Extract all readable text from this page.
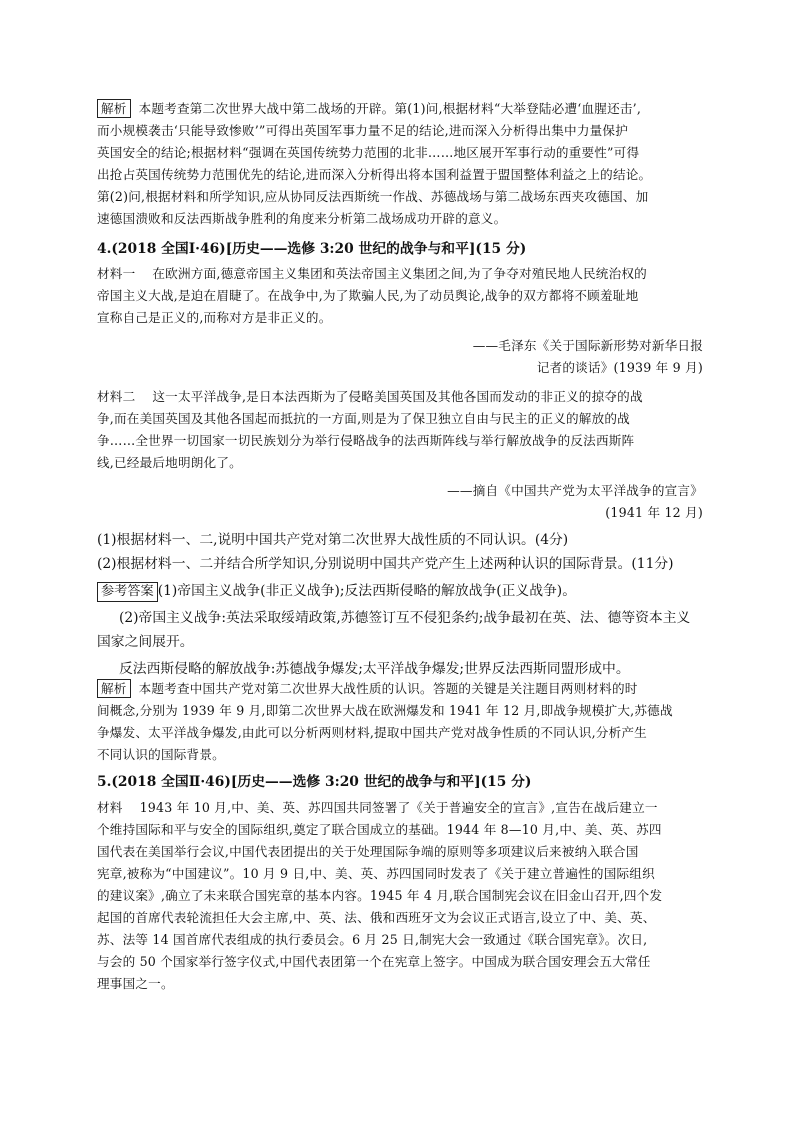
解析 本题考查第二次世界大战中第二战场的开辟。第(1)问,根据材料“大举登陆必遭‘血腥还击’,
而小规模袭击‘只能导致惨败’”可得出英国军事力量不足的结论,进而深入分析得出集中力量保护
英国安全的结论;根据材料“强调在英国传统势力范围的北非……地区展开军事行动的重要性”可得
出抢占英国传统势力范围优先的结论,进而深入分析得出将本国利益置于盟国整体利益之上的结论。
第(2)问,根据材料和所学知识,应从协同反法西斯统一作战、苏德战场与第二战场东西夹攻德国、加
速德国溃败和反法西斯战争胜利的角度来分析第二战场成功开辟的意义。
4.(2018 全国Ⅰ·46)[历史——选修 3:20 世纪的战争与和平](15 分)
材料一  在欧洲方面,德意帝国主义集团和英法帝国主义集团之间,为了争夺对殖民地人民统治权的
帝国主义大战,是迫在眉睫了。在战争中,为了欺骗人民,为了动员舆论,战争的双方都将不顾羞耻地
宣称自己是正义的,而称对方是非正义的。
——毛泽东《关于国际新形势对新华日报
记者的谈话》(1939 年 9 月)
材料二  这一太平洋战争,是日本法西斯为了侵略美国英国及其他各国而发动的非正义的掠夺的战
争,而在美国英国及其他各国起而抵抗的一方面,则是为了保卫独立自由与民主的正义的解放的战
争……全世界一切国家一切民族划分为举行侵略战争的法西斯阵线与举行解放战争的反法西斯阵
线,已经最后地明朗化了。
——摘自《中国共产党为太平洋战争的宣言》
(1941 年 12 月)
(1)根据材料一、二,说明中国共产党对第二次世界大战性质的不同认识。(4分)
(2)根据材料一、二并结合所学知识,分别说明中国共产党产生上述两种认识的国际背景。(11分)
参考答案 (1)帝国主义战争(非正义战争);反法西斯侵略的解放战争(正义战争)。
(2)帝国主义战争:英法采取绥靖政策,苏德签订互不侵犯条约;战争最初在英、法、德等资本主义
国家之间展开。
反法西斯侵略的解放战争:苏德战争爆发;太平洋战争爆发;世界反法西斯同盟形成中。
解析 本题考查中国共产党对第二次世界大战性质的认识。答题的关键是关注题目两则材料的时
间概念,分别为 1939 年 9 月,即第二次世界大战在欧洲爆发和 1941 年 12 月,即战争规模扩大,苏德战
争爆发、太平洋战争爆发,由此可以分析两则材料,提取中国共产党对战争性质的不同认识,分析产生
不同认识的国际背景。
5.(2018 全国Ⅱ·46)[历史——选修 3:20 世纪的战争与和平](15 分)
材料  1943 年 10 月,中、美、英、苏四国共同签署了《关于普遍安全的宣言》,宣告在战后建立一
个维持国际和平与安全的国际组织,奠定了联合国成立的基础。1944 年 8—10 月,中、美、英、苏四
国代表在美国举行会议,中国代表团提出的关于处理国际争端的原则等多项建议后来被纳入联合国
宪章,被称为“中国建议”。10 月 9 日,中、美、英、苏四国同时发表了《关于建立普遍性的国际组织
的建议案》,确立了未来联合国宪章的基本内容。1945 年 4 月,联合国制宪会议在旧金山召开,四个发
起国的首席代表轮流担任大会主席,中、英、法、俄和西班牙文为会议正式语言,设立了中、美、英、
苏、法等 14 国首席代表组成的执行委员会。6 月 25 日,制宪大会一致通过《联合国宪章》。次日,
与会的 50 个国家举行签字仪式,中国代表团第一个在宪章上签字。中国成为联合国安理会五大常任
理事国之一。
